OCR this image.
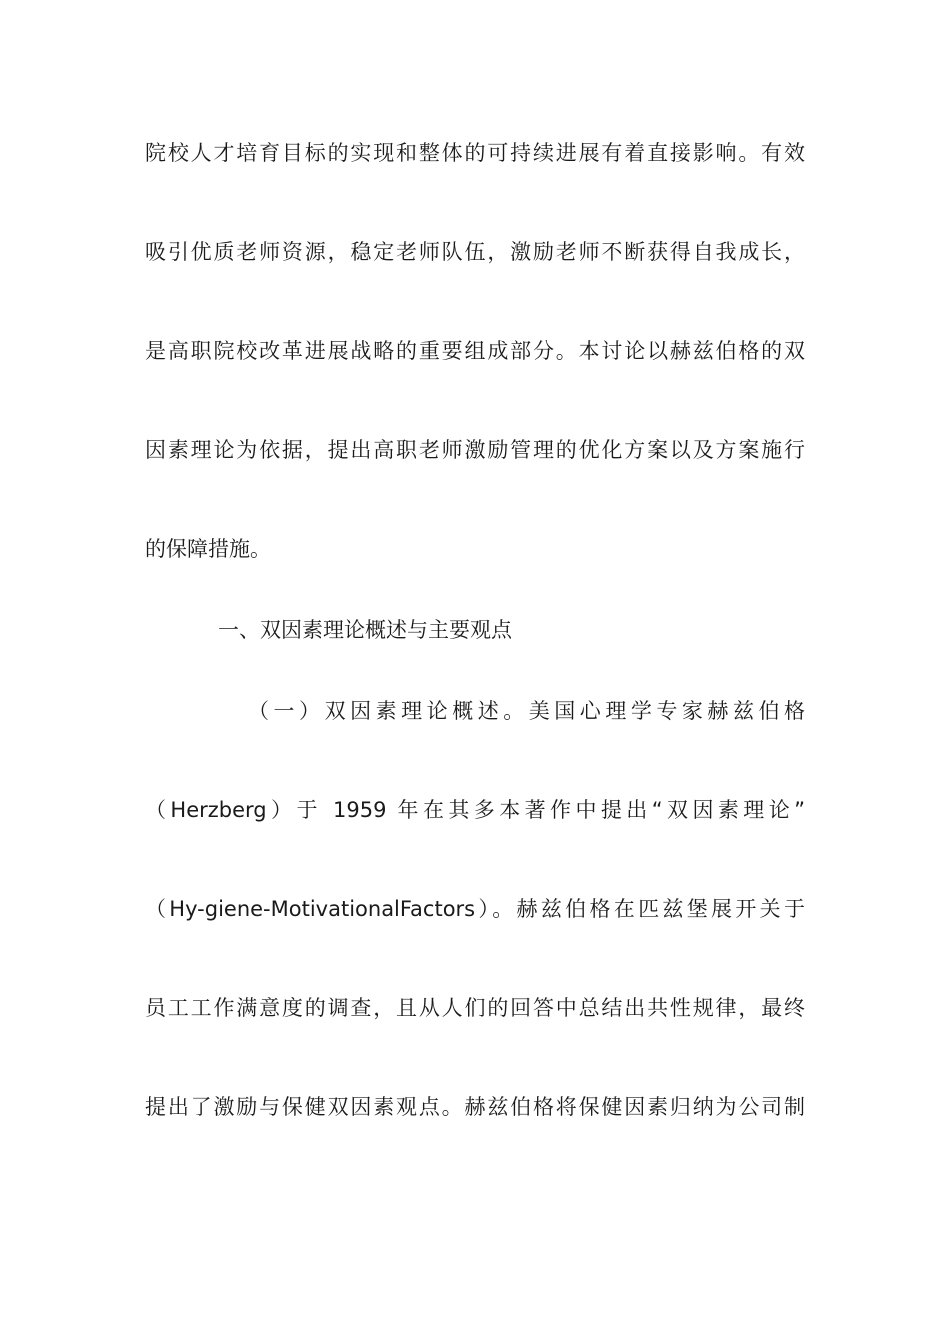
院校人才培育目标的实现和整体的可持续进展有着直接影响。有效
吸引优质老师资源，稳定老师队伍，激励老师不断获得自我成长，
是高职院校改革进展战略的重要组成部分。本讨论以赫兹伯格的双
因素理论为依据，提出高职老师激励管理的优化方案以及方案施行
的保障措施。
一、双因素理论概述与主要观点
（一）双因素理论概述。美国心理学专家赫兹伯格
（Herzberg）于 1959 年在其多本著作中提出“双因素理论”
（Hy-giene-MotivationalFactors）。赫兹伯格在匹兹堡展开关于
员工工作满意度的调查，且从人们的回答中总结出共性规律，最终
提出了激励与保健双因素观点。赫兹伯格将保健因素归纳为公司制
